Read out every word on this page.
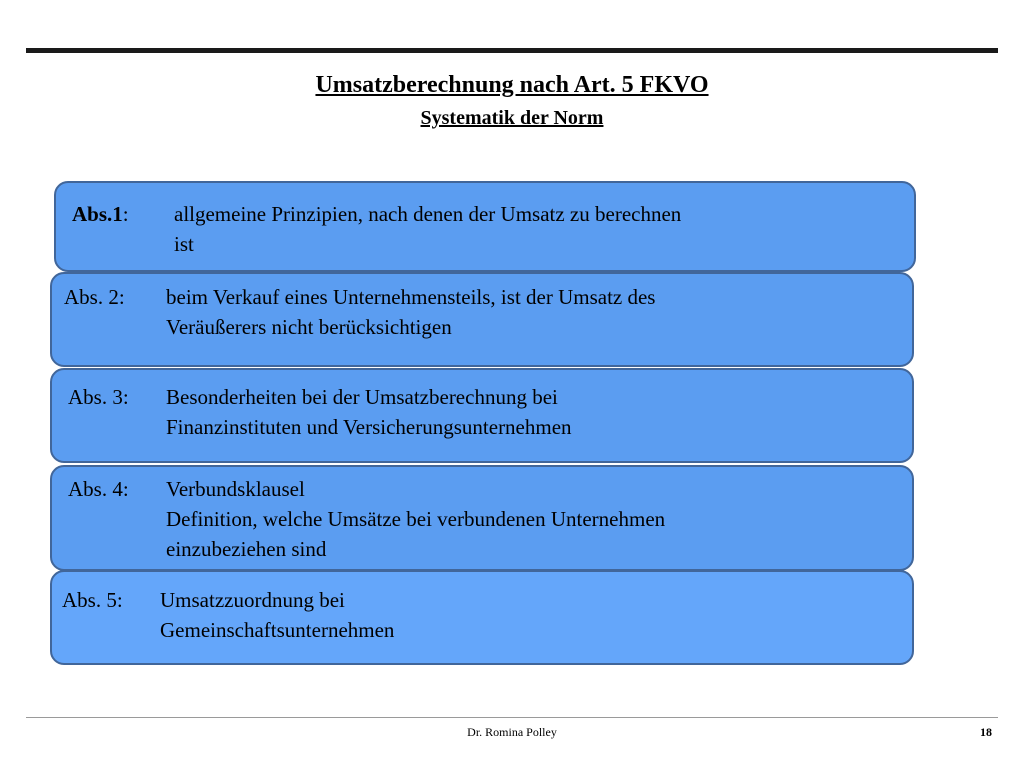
Umsatzberechnung nach Art. 5 FKVO
Systematik der Norm
Abs.1: allgemeine Prinzipien, nach denen der Umsatz zu berechnen
ist
Abs. 2: beim Verkauf eines Unternehmensteils, ist der Umsatz des
Veräußerers nicht berücksichtigen
Abs. 3: Besonderheiten bei der Umsatzberechnung bei
Finanzinstituten und Versicherungsunternehmen
Abs. 4: Verbundsklausel
Definition, welche Umsätze bei verbundenen Unternehmen
einzubeziehen sind
Abs. 5: Umsatzzuordnung bei
Gemeinschaftsunternehmen
Dr. Romina Polley	18
